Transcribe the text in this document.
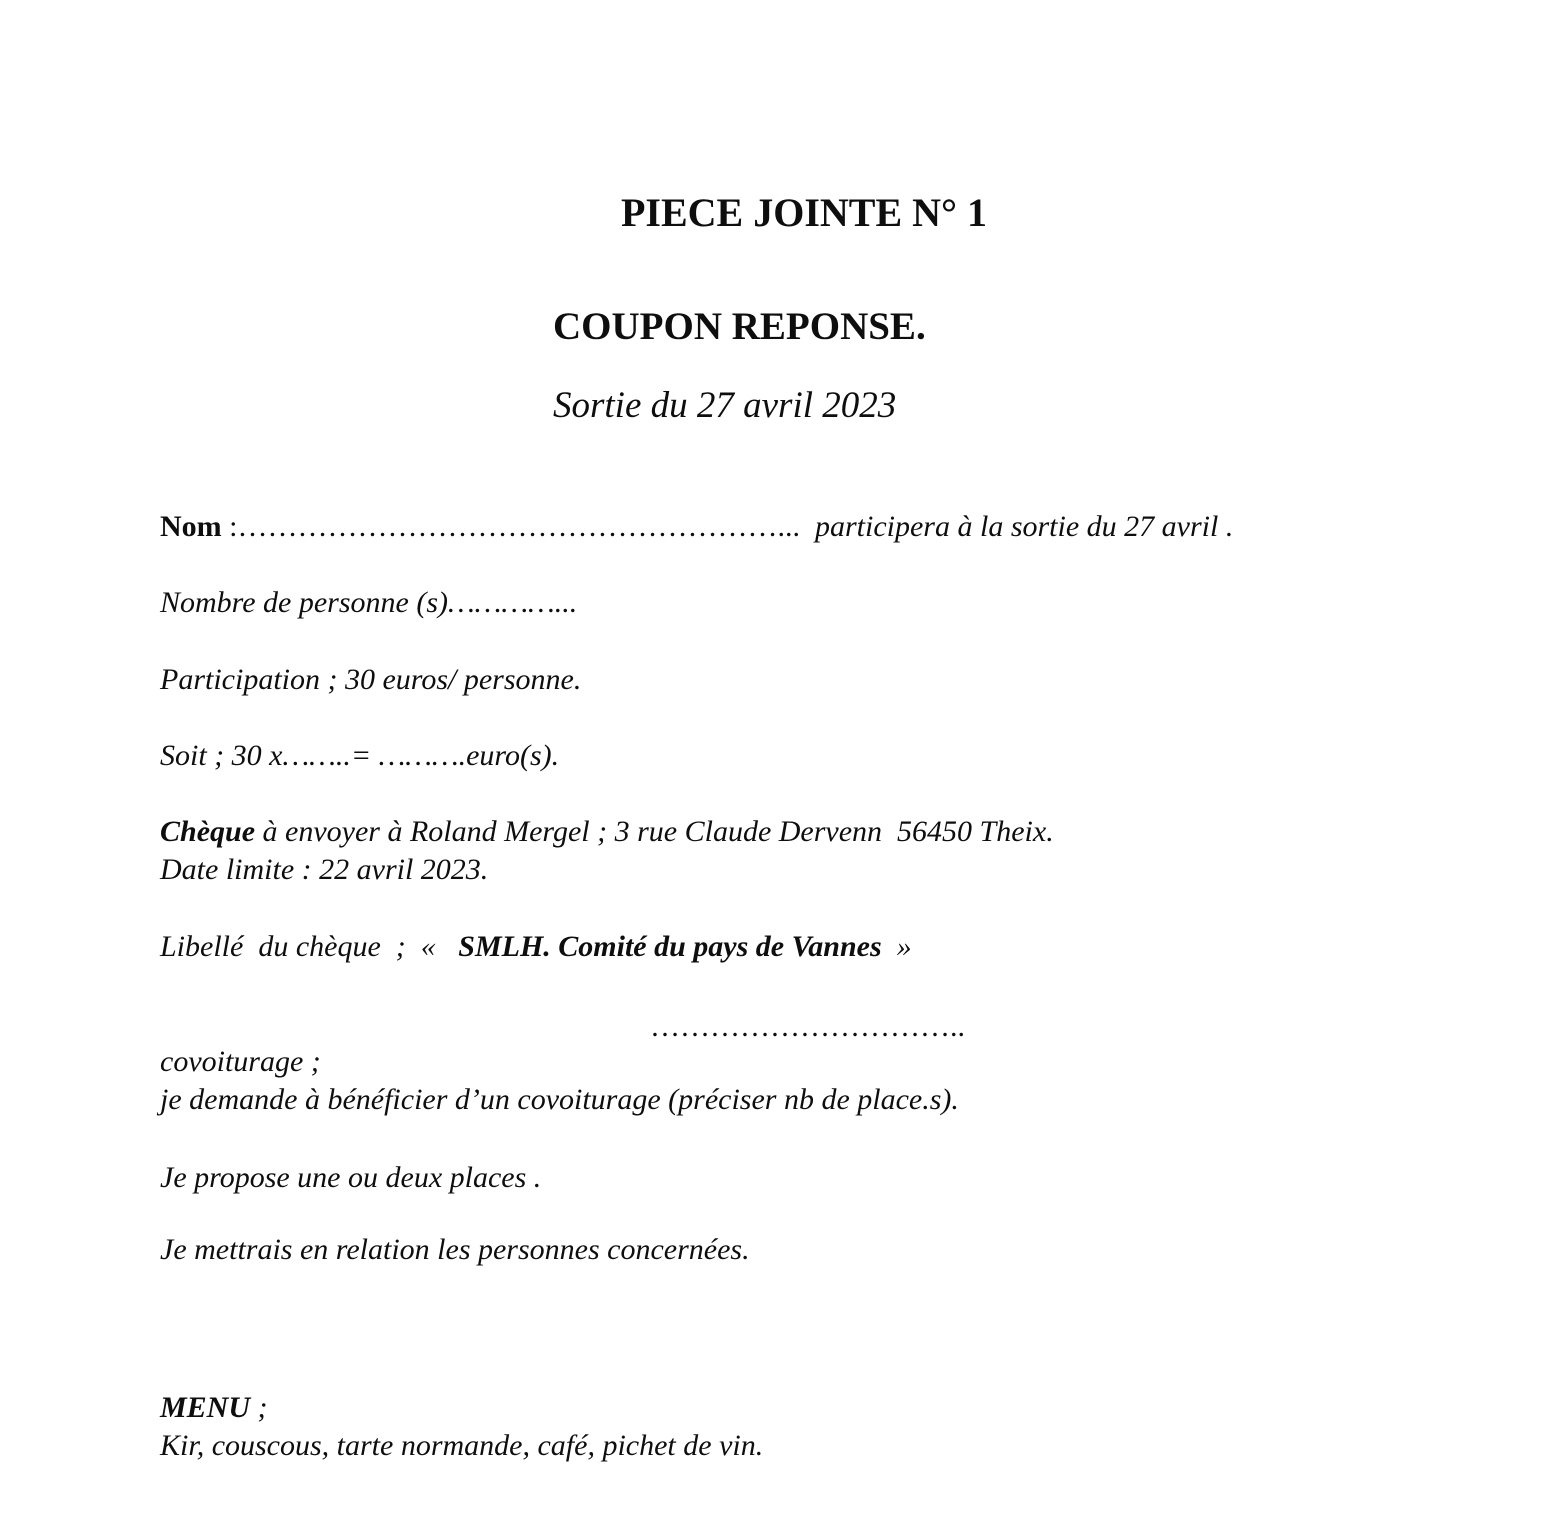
PIECE JOINTE N° 1
COUPON REPONSE.

Sortie du 27 avril 2023

Nom :………………………………………………...  participera à la sortie du 27 avril .

Nombre de personne (s)…………...

Participation ; 30 euros/ personne.

Soit ; 30 x……..= ……….euro(s).

Chèque à envoyer à Roland Mergel ; 3 rue Claude Dervenn  56450 Theix.
Date limite : 22 avril 2023.

Libellé  du chèque  ;  «   SMLH. Comité du pays de Vannes  »

…………………………..

covoiturage ;
je demande à bénéficier d’un covoiturage (préciser nb de place.s).

Je propose une ou deux places .

Je mettrais en relation les personnes concernées.

MENU ;
Kir, couscous, tarte normande, café, pichet de vin.
